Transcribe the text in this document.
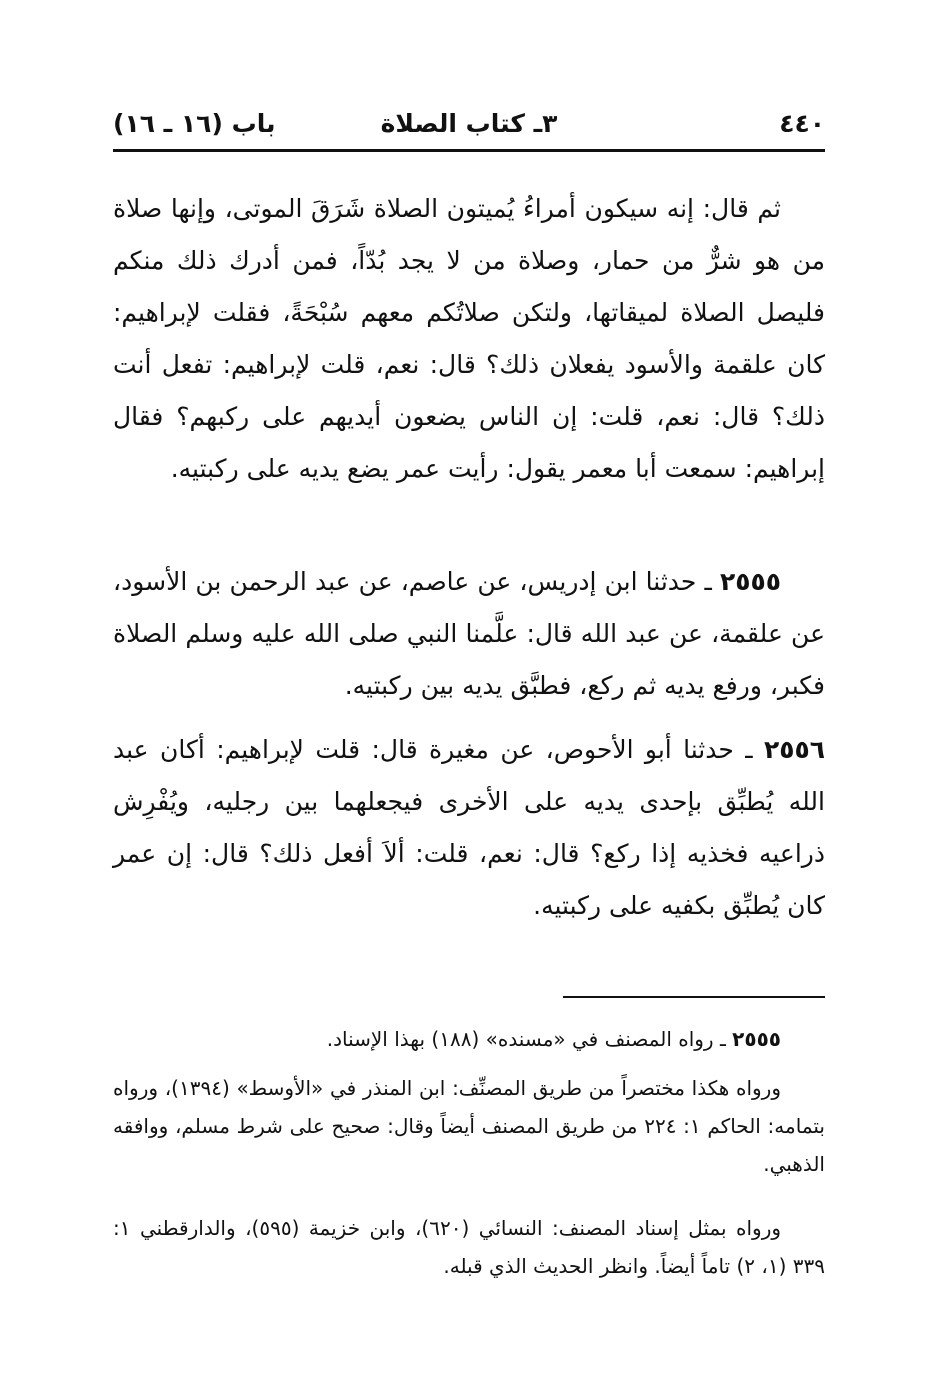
٤٤٠
٣ـ كتاب الصلاة
باب (١٦ ـ ١٦)
ثم قال: إنه سيكون أمراءُ يُميتون الصلاة شَرَقَ الموتى، وإنها صلاة من هو شرٌّ من حمار، وصلاة من لا يجد بُدّاً، فمن أدرك ذلك منكم فليصل الصلاة لميقاتها، ولتكن صلاتُكم معهم سُبْحَةً، فقلت لإبراهيم: كان علقمة والأسود يفعلان ذلك؟ قال: نعم، قلت لإبراهيم: تفعل أنت ذلك؟ قال: نعم، قلت: إن الناس يضعون أيديهم على ركبهم؟ فقال إبراهيم: سمعت أبا معمر يقول: رأيت عمر يضع يديه على ركبتيه.
٢٥٥٥ ـ حدثنا ابن إدريس، عن عاصم، عن عبد الرحمن بن الأسود، عن علقمة، عن عبد الله قال: علَّمنا النبي صلى الله عليه وسلم الصلاة فكبر، ورفع يديه ثم ركع، فطبَّق يديه بين ركبتيه.
٢٥٥٦ ـ حدثنا أبو الأحوص، عن مغيرة قال: قلت لإبراهيم: أكان عبد الله يُطبِّق بإحدى يديه على الأخرى فيجعلهما بين رجليه، ويُفْرِش ذراعيه فخذيه إذا ركع؟ قال: نعم، قلت: ألاَ أفعل ذلك؟ قال: إن عمر كان يُطبِّق بكفيه على ركبتيه.
٢٥٥٥ ـ رواه المصنف في «مسنده» (١٨٨) بهذا الإسناد.
ورواه هكذا مختصراً من طريق المصنِّف: ابن المنذر في «الأوسط» (١٣٩٤)، ورواه بتمامه: الحاكم ١: ٢٢٤ من طريق المصنف أيضاً وقال: صحيح على شرط مسلم، ووافقه الذهبي.
ورواه بمثل إسناد المصنف: النسائي (٦٢٠)، وابن خزيمة (٥٩٥)، والدارقطني ١: ٣٣٩ (١، ٢) تاماً أيضاً. وانظر الحديث الذي قبله.
